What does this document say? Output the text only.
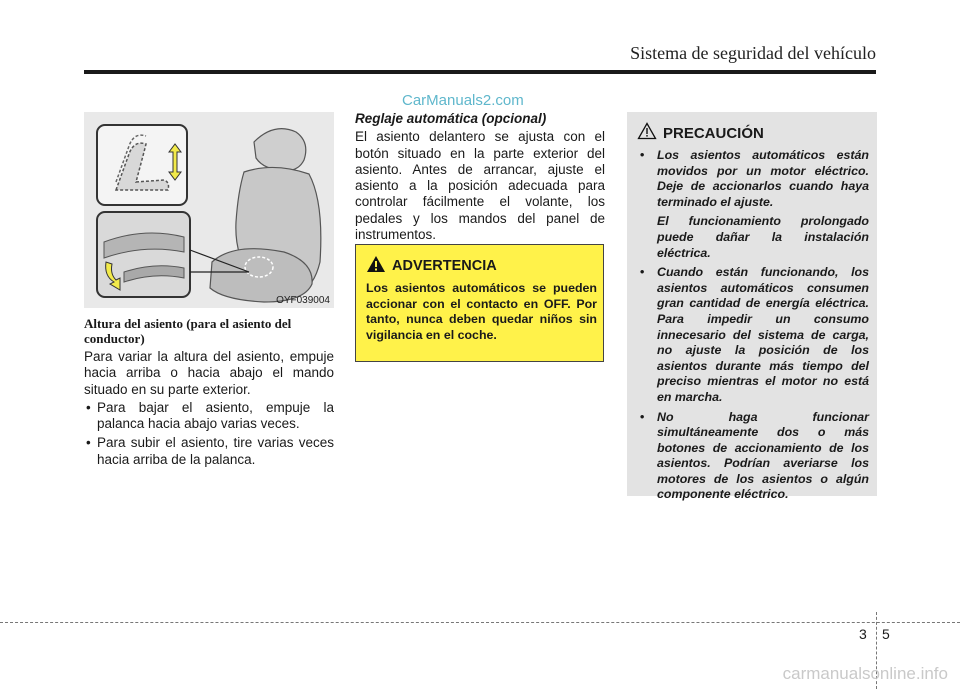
Sistema de seguridad del vehículo
CarManuals2.com
OYF039004
Altura del asiento (para el asiento del conductor)

Para variar la altura del asiento, empuje hacia arriba o hacia abajo el mando situado en su parte exterior.

• Para bajar el asiento, empuje la palanca hacia abajo varias veces.
• Para subir el asiento, tire varias veces hacia arriba de la palanca.
Reglaje automática (opcional)

El asiento delantero se ajusta con el botón situado en la parte exterior del asiento. Antes de arrancar, ajuste el asiento a la posición adecuada para controlar fácilmente el volante, los pedales y los mandos del panel de instrumentos.

ADVERTENCIA
Los asientos automáticos se pueden accionar con el contacto en OFF. Por tanto, nunca deben quedar niños sin vigilancia en el coche.
PRECAUCIÓN
• Los asientos automáticos están movidos por un motor eléctrico. Deje de accionarlos cuando haya terminado el ajuste.
El funcionamiento prolongado puede dañar la instalación eléctrica.
• Cuando están funcionando, los asientos automáticos consumen gran cantidad de energía eléctrica. Para impedir un consumo innecesario del sistema de carga, no ajuste la posición de los asientos durante más tiempo del preciso mientras el motor no está en marcha.
• No haga funcionar simultáneamente dos o más botones de accionamiento de los asientos. Podrían averiarse los motores de los asientos o algún componente eléctrico.
3 5
carmanualsonline.info
